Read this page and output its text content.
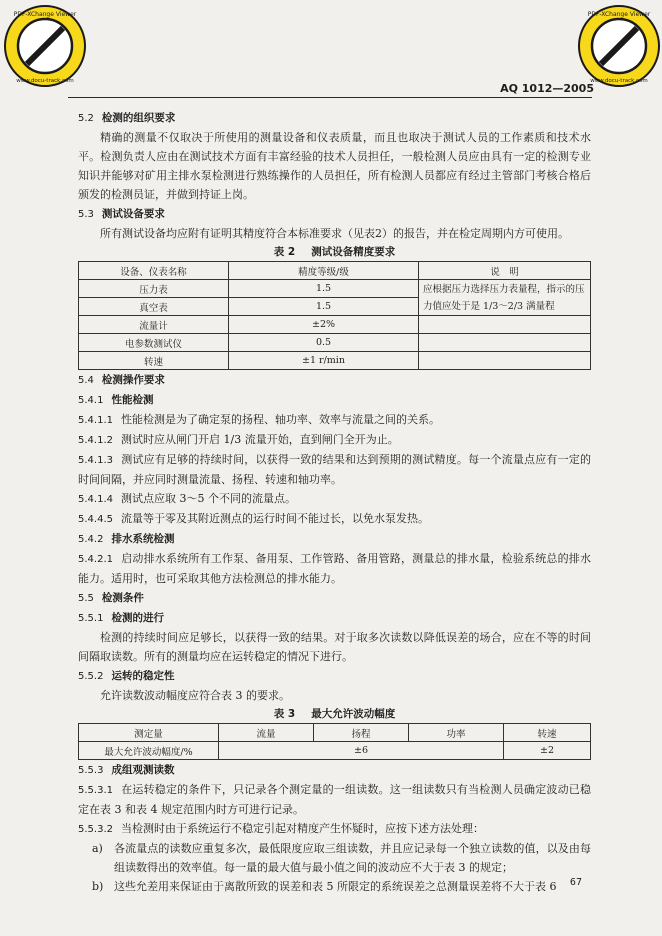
PDF-XChange Viewer
www.docu-track.com
Click to buy NOW!
PDF-XChange Viewer
www.docu-track.com
Click to buy NOW!
AQ 1012—2005

5.2 检测的组织要求

精确的测量不仅取决于所使用的测量设备和仪表质量，而且也取决于测试人员的工作素质和技术水平。检测负责人应由在测试技术方面有丰富经验的技术人员担任，一般检测人员应由具有一定的检测专业知识并能够对矿用主排水泵检测进行熟练操作的人员担任，所有检测人员都应有经过主管部门考核合格后颁发的检测员证，并做到持证上岗。

5.3 测试设备要求

所有测试设备均应附有证明其精度符合本标准要求（见表2）的报告，并在检定周期内方可使用。

表 2 测试设备精度要求

设备、仪表名称	精度等级/级	说　明
压力表	1.5	应根据压力选择压力表量程，指示的压力值应处于是 1/3～2/3 满量程
真空表	1.5	
流量计	±2%	
电参数测试仪	0.5	
转速	±1 r/min	

5.4 检测操作要求

5.4.1 性能检测

5.4.1.1 性能检测是为了确定泵的扬程、轴功率、效率与流量之间的关系。

5.4.1.2 测试时应从闸门开启 1/3 流量开始，直到闸门全开为止。

5.4.1.3 测试应有足够的持续时间，以获得一致的结果和达到预期的测试精度。每一个流量点应有一定的时间间隔，并应同时测量流量、扬程、转速和轴功率。

5.4.1.4 测试点应取 3～5 个不同的流量点。

5.4.4.5 流量等于零及其附近测点的运行时间不能过长，以免水泵发热。

5.4.2 排水系统检测

5.4.2.1 启动排水系统所有工作泵、备用泵、工作管路、备用管路，测量总的排水量，检验系统总的排水能力。适用时，也可采取其他方法检测总的排水能力。

5.5 检测条件

5.5.1 检测的进行

检测的持续时间应足够长，以获得一致的结果。对于取多次读数以降低误差的场合，应在不等的时间间隔取读数。所有的测量均应在运转稳定的情况下进行。

5.5.2 运转的稳定性

允许读数波动幅度应符合表 3 的要求。

表 3 最大允许波动幅度

测定量	流量	扬程	功率	转速
最大允许波动幅度/%	±6			±2

5.5.3 成组观测读数

5.5.3.1 在运转稳定的条件下，只记录各个测定量的一组读数。这一组读数只有当检测人员确定波动已稳定在表 3 和表 4 规定范围内时方可进行记录。

5.5.3.2 当检测时由于系统运行不稳定引起对精度产生怀疑时，应按下述方法处理：

a)	各流量点的读数应重复多次，最低限度应取三组读数，并且应记录每一个独立读数的值，以及由每组读数得出的效率值。每一量的最大值与最小值之间的波动应不大于表 3 的规定；
b) 这些允差用来保证由于离散所致的误差和表 5 所限定的系统误差之总测量误差将不大于表 6	67
